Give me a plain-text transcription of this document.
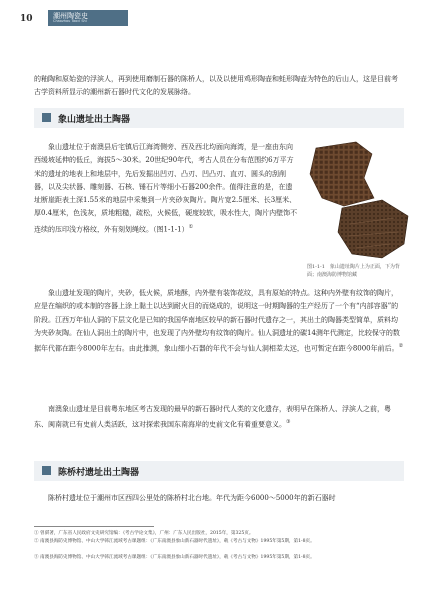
10	潮州陶瓷史
Chaozhou Taoci Shi

的釉陶和原始瓷的浮滨人，再到使用磨制石器的陈桥人，以及以使用鸡形陶壶和蚝形陶壶为特色的后山人，这是目前考古学资料所显示的潮州新石器时代文化的发展脉络。

象山遗址出土陶器

象山遗址位于南澳县后宅镇后江海湾侧旁、西及西北均面向海湾，是一座由东向西缓坡延伸的低丘，海拔5～30米。20世纪90年代，考古人员在分布范围约6万平方米的遗址的地表上和地层中，先后发掘出凹刃、凸刃、凹凸刃、直刃、圆头的刮削器，以及尖状器、雕刻器、石核、锤石片等细小石器200余件。值得注意的是，在遗址断崖距表土深1.55米的地层中采集到一片夹砂灰陶片。陶片宽2.5厘米、长3厘米、厚0.4厘米，色浅灰，质地粗糙，疏松，火候低，硬度较软，吸水性大，陶片内壁饰不连续的压印浅方格纹，外有刻划绳纹。（图1-1-1）①

图1-1-1　象山遗址陶片上为正面，下为背面；南澳海防博物馆藏

象山遗址发现的陶片，夹砂，低火候，质地酥，内外壁有装饰花纹，具有原始的特点。这种内外壁有纹饰的陶片，应是在编织的或本制的容器上涂上黏土以达到耐火目的而烧成的，说明这一时期陶器的生产经历了一个有“内部容器”的阶段。江西万年仙人洞的下层文化是已知的我国华南地区较早的新石器时代遗存之一，其出土的陶器类型简单，质料均为夹砂灰陶。在仙人洞出土的陶片中，也发现了内外壁均有纹饰的陶片。仙人洞遗址的碳14测年代测定，比较保守的数据年代都在距今8000年左右。由此推测，象山细小石器的年代不会与仙人洞相差太远，也可暂定在距今8000年前后。②

南澳象山遗址是目前粤东地区考古发现的最早的新石器时代人类的文化遗存，表明早在陈桥人、浮滨人之前，粤东、闽南就已有史前人类活跃，这对探索我国东南海岸的史前文化有着重要意义。③

陈桥村遗址出土陶器

陈桥村遗址位于潮州市区西四公里处的陈桥村北台地。年代为距今6000～5000年的新石器时

① 曾骐著，广东省人民政府文史研究馆编：《考古学论文集》，广州：广东人民出版社，2015年，第325页。
② 南澳县海防史博物馆、中山大学韩江流域考古课题组：《广东南澳县象山新石器时代遗址》，载《考古与文物》1995年第5期，第1-8页。
③ 南澳县海防史博物馆、中山大学韩江流域考古课题组：《广东南澳县象山新石器时代遗址》，载《考古与文物》1995年第5期，第1-8页。
